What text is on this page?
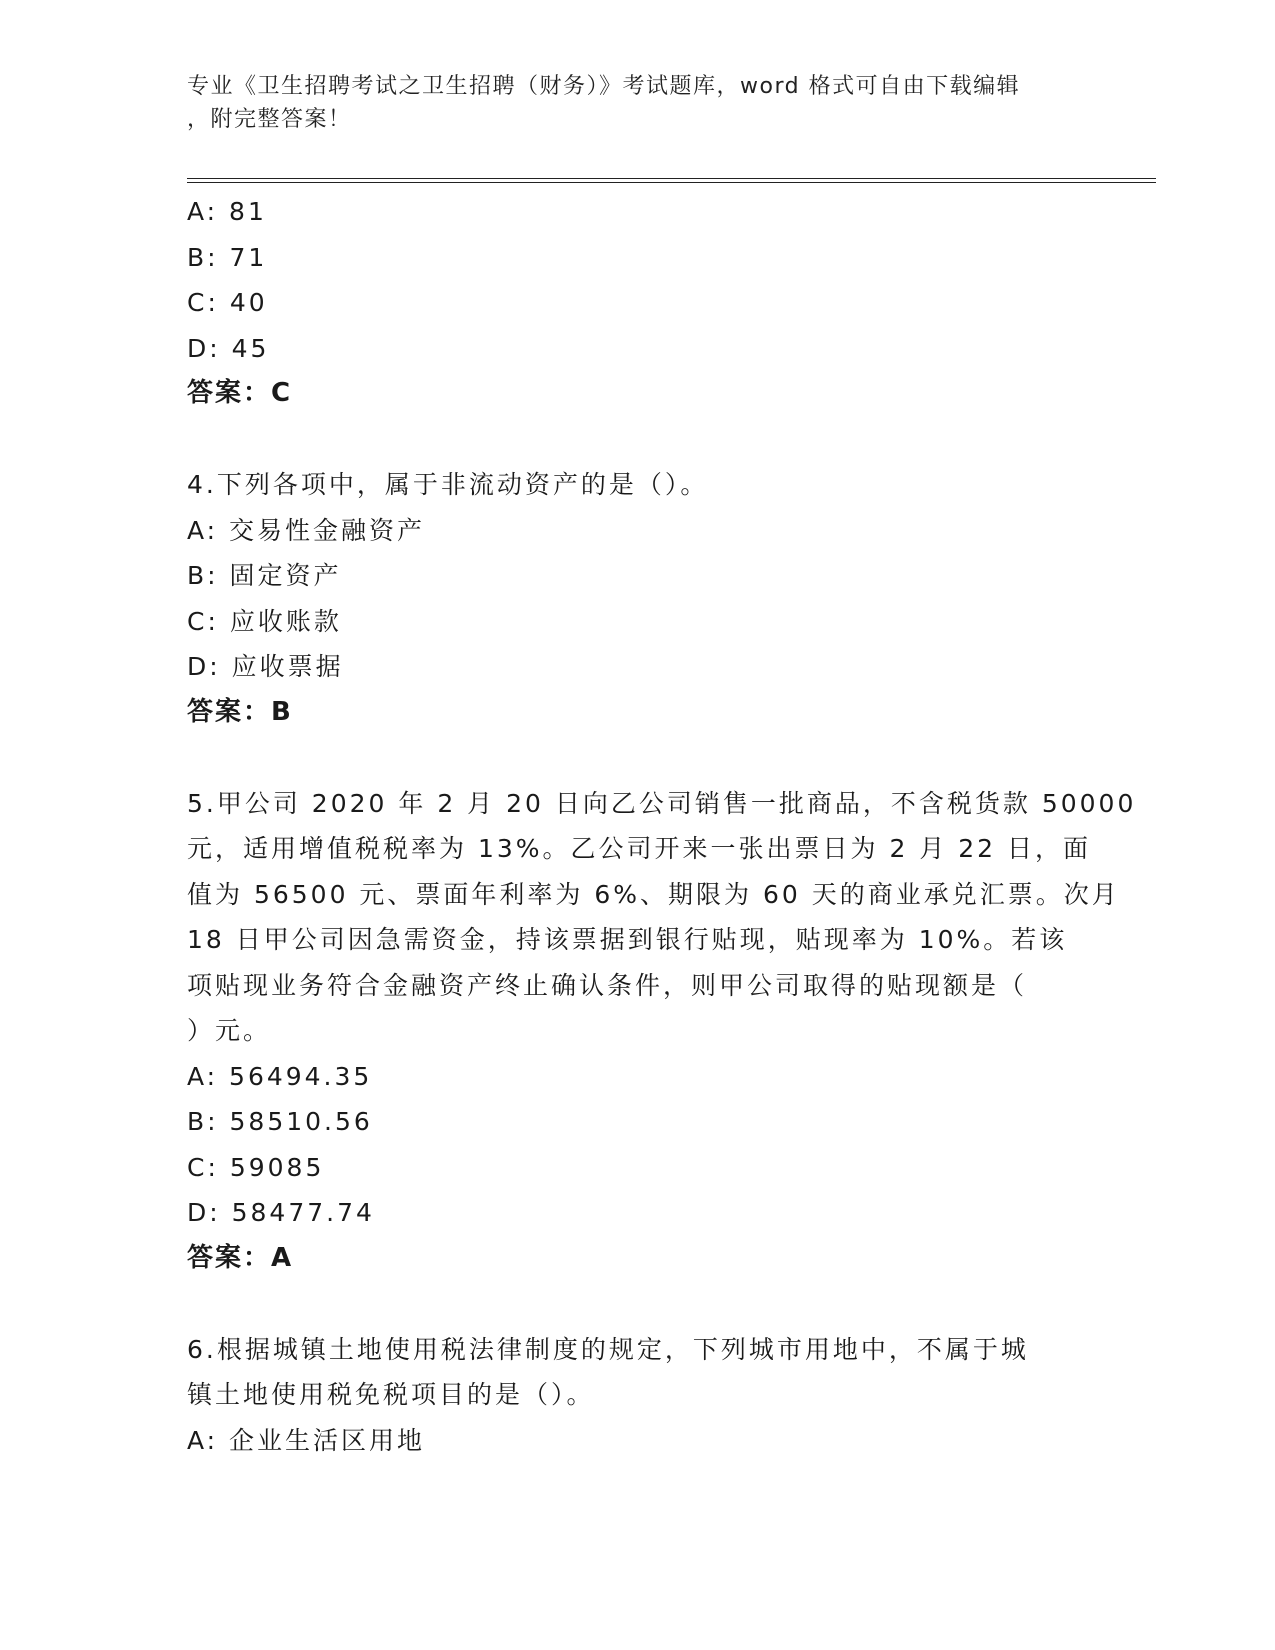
专业《卫生招聘考试之卫生招聘（财务）》考试题库，word 格式可自由下载编辑
，附完整答案！
A: 81
B: 71
C: 40
D: 45
答案：C
4.下列各项中，属于非流动资产的是（）。
A: 交易性金融资产
B: 固定资产
C: 应收账款
D: 应收票据
答案：B
5.甲公司 2020 年 2 月 20 日向乙公司销售一批商品，不含税货款 50000
元，适用增值税税率为 13%。乙公司开来一张出票日为 2 月 22 日，面
值为 56500 元、票面年利率为 6%、期限为 60 天的商业承兑汇票。次月
18 日甲公司因急需资金，持该票据到银行贴现，贴现率为 10%。若该
项贴现业务符合金融资产终止确认条件，则甲公司取得的贴现额是（
）元。
A: 56494.35
B: 58510.56
C: 59085
D: 58477.74
答案：A
6.根据城镇土地使用税法律制度的规定，下列城市用地中，不属于城
镇土地使用税免税项目的是（）。
A: 企业生活区用地
